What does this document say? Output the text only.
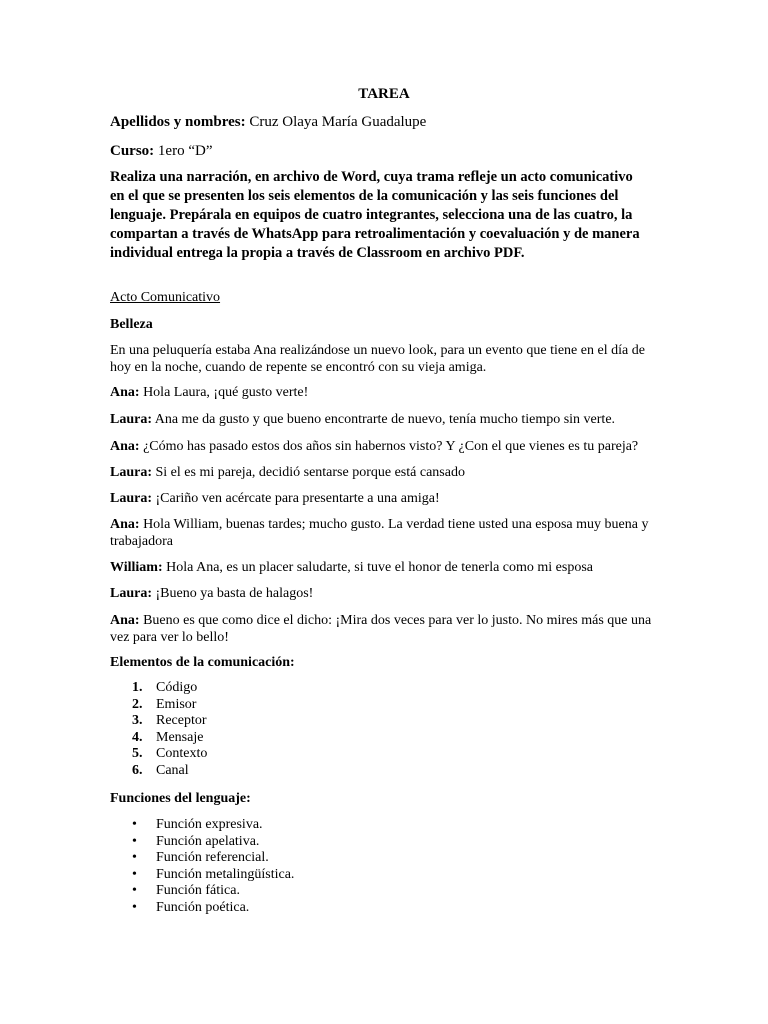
TAREA
Apellidos y nombres: Cruz Olaya María Guadalupe
Curso: 1ero “D”

Realiza una narración, en archivo de Word, cuya trama refleje un acto comunicativo en el que se presenten los seis elementos de la comunicación y las seis funciones del lenguaje. Prepárala en equipos de cuatro integrantes, selecciona una de las cuatro, la compartan a través de WhatsApp para retroalimentación y coevaluación y de manera individual entrega la propia a través de Classroom en archivo PDF.

Acto Comunicativo
Belleza

En una peluquería estaba Ana realizándose un nuevo look, para un evento que tiene en el día de hoy en la noche, cuando de repente se encontró con su vieja amiga.

Ana: Hola Laura, ¡qué gusto verte!

Laura: Ana me da gusto y que bueno encontrarte de nuevo, tenía mucho tiempo sin verte.

Ana: ¿Cómo has pasado estos dos años sin habernos visto? Y ¿Con el que vienes es tu pareja?

Laura: Si el es mi pareja, decidió sentarse porque está cansado

Laura: ¡Cariño ven acércate para presentarte a una amiga!

Ana: Hola William, buenas tardes; mucho gusto. La verdad tiene usted una esposa muy buena y trabajadora

William: Hola Ana, es un placer saludarte, si tuve el honor de tenerla como mi esposa

Laura: ¡Bueno ya basta de halagos!

Ana: Bueno es que como dice el dicho: ¡Mira dos veces para ver lo justo. No mires más que una vez para ver lo bello!

Elementos de la comunicación:
1. Código
2. Emisor
3. Receptor
4. Mensaje
5. Contexto
6. Canal
Funciones del lenguaje:
• Función expresiva.
• Función apelativa.
• Función referencial.
• Función metalingüística.
• Función fática.
• Función poética.
